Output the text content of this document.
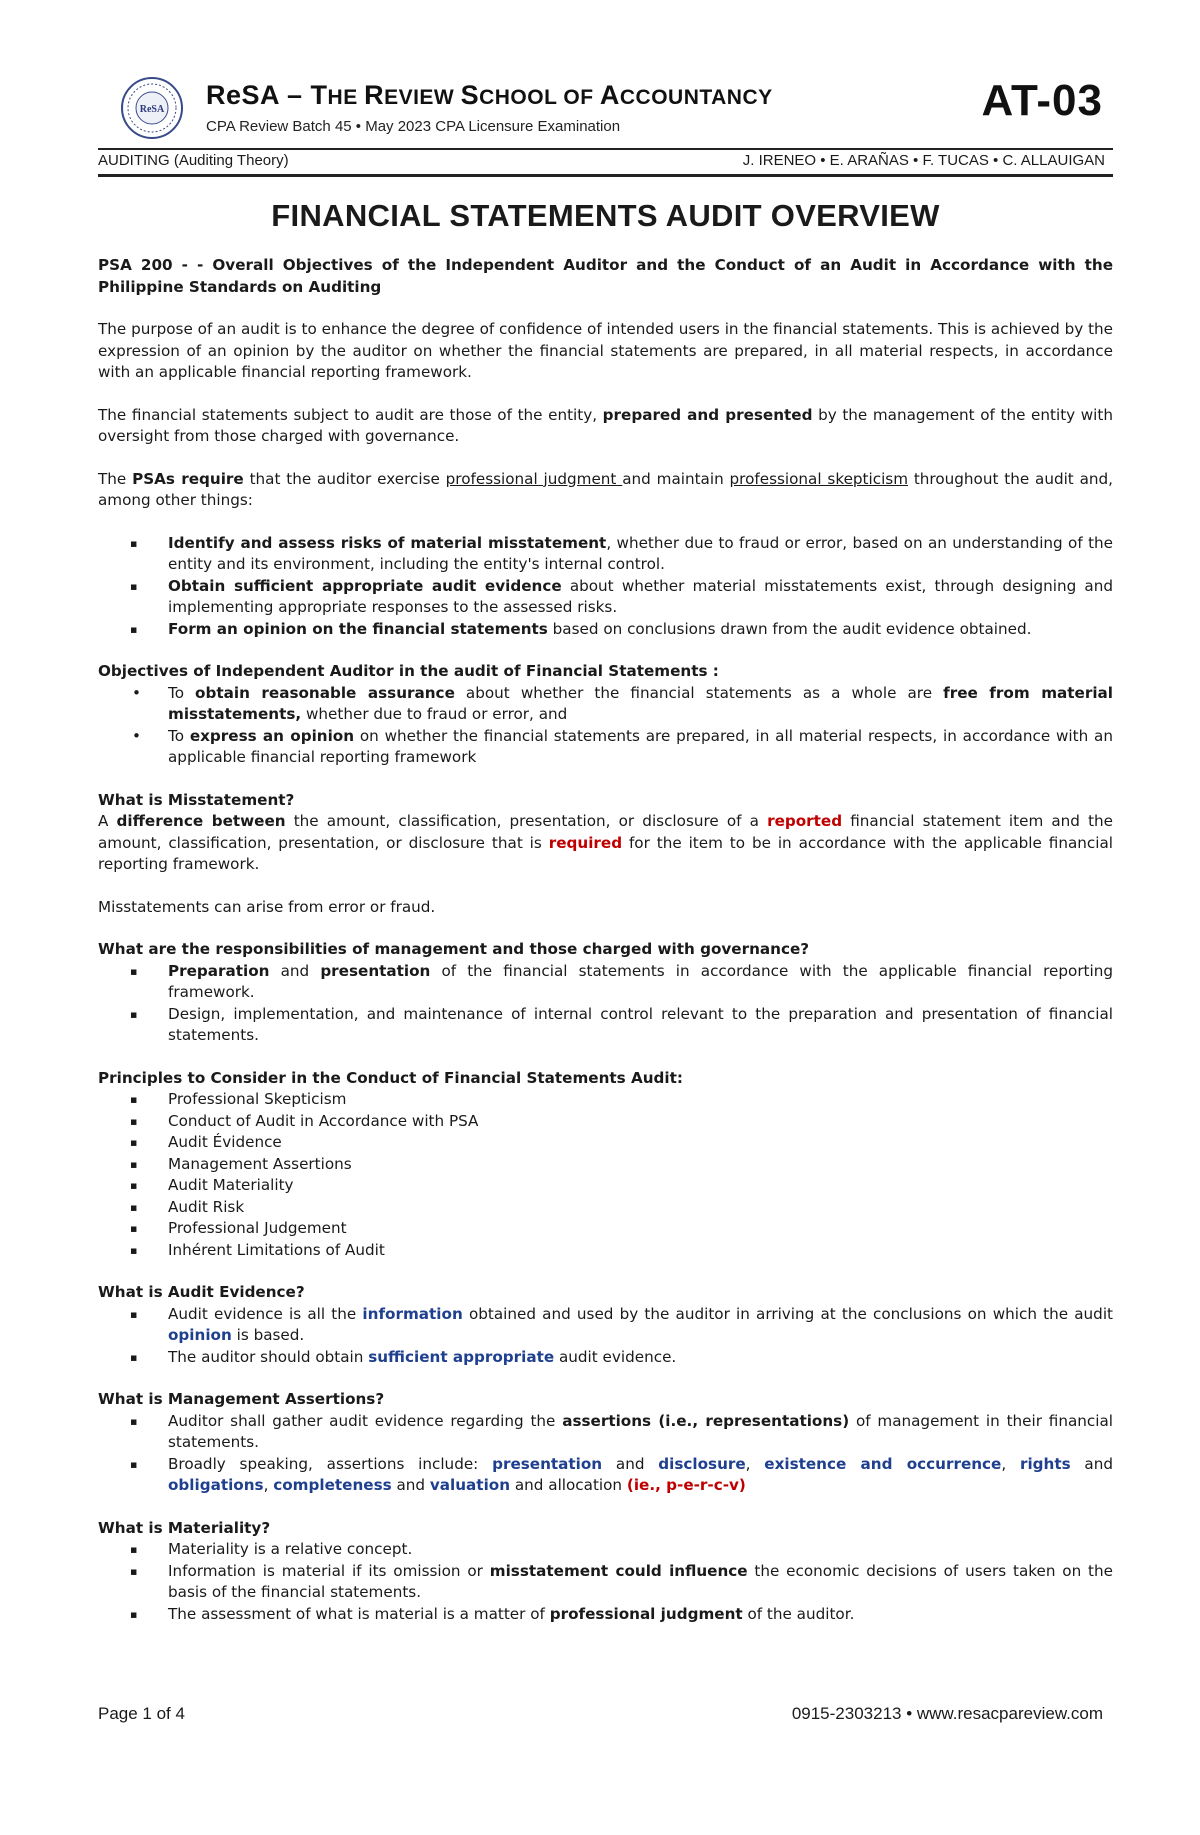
ReSA ReSA – THE REVIEW SCHOOL OF ACCOUNTANCY
CPA Review Batch 45 • May 2023 CPA Licensure Examination
AT-03
AUDITING (Auditing Theory)	J. IRENEO • E. ARAÑAS • F. TUCAS • C. ALLAUIGAN
FINANCIAL STATEMENTS AUDIT OVERVIEW

PSA 200 - - Overall Objectives of the Independent Auditor and the Conduct of an Audit in Accordance with the Philippine Standards on Auditing

The purpose of an audit is to enhance the degree of confidence of intended users in the financial statements. This is achieved by the expression of an opinion by the auditor on whether the financial statements are prepared, in all material respects, in accordance with an applicable financial reporting framework.

The financial statements subject to audit are those of the entity, prepared and presented by the management of the entity with oversight from those charged with governance.

The PSAs require that the auditor exercise professional judgment and maintain professional skepticism throughout the audit and, among other things:

▪ Identify and assess risks of material misstatement, whether due to fraud or error, based on an understanding of the entity and its environment, including the entity's internal control.
▪ Obtain sufficient appropriate audit evidence about whether material misstatements exist, through designing and implementing appropriate responses to the assessed risks.
▪ Form an opinion on the financial statements based on conclusions drawn from the audit evidence obtained.

Objectives of Independent Auditor in the audit of Financial Statements :

• To obtain reasonable assurance about whether the financial statements as a whole are free from material misstatements, whether due to fraud or error, and
• To express an opinion on whether the financial statements are prepared, in all material respects, in accordance with an applicable financial reporting framework

What is Misstatement?

A difference between the amount, classification, presentation, or disclosure of a reported financial statement item and the amount, classification, presentation, or disclosure that is required for the item to be in accordance with the applicable financial reporting framework.

Misstatements can arise from error or fraud.

What are the responsibilities of management and those charged with governance?

▪ Preparation and presentation of the financial statements in accordance with the applicable financial reporting framework.
▪ Design, implementation, and maintenance of internal control relevant to the preparation and presentation of financial statements.

Principles to Consider in the Conduct of Financial Statements Audit:

▪ Professional Skepticism
▪ Conduct of Audit in Accordance with PSA
▪ Audit Évidence
▪ Management Assertions
▪ Audit Materiality
▪ Audit Risk
▪ Professional Judgement
▪ Inhérent Limitations of Audit

What is Audit Evidence?

▪ Audit evidence is all the information obtained and used by the auditor in arriving at the conclusions on which the audit opinion is based.
▪ The auditor should obtain sufficient appropriate audit evidence.

What is Management Assertions?

▪ Auditor shall gather audit evidence regarding the assertions (i.e., representations) of management in their financial statements.
▪ Broadly speaking, assertions include: presentation and disclosure, existence and occurrence, rights and obligations, completeness and valuation and allocation (ie., p-e-r-c-v)

What is Materiality?

▪ Materiality is a relative concept.
▪ Information is material if its omission or misstatement could influence the economic decisions of users taken on the basis of the financial statements.
▪ The assessment of what is material is a matter of professional judgment of the auditor.
Page 1 of 4	0915-2303213 • www.resacpareview.com
